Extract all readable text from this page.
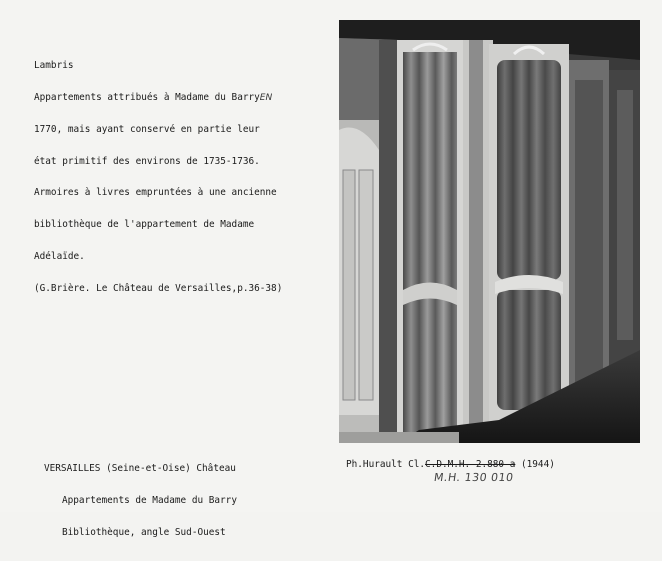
Lambris

Appartements attribués à Madame du BarryEN

1770, mais ayant conservé en partie leur

état primitif des environs de 1735-1736.

Armoires à livres empruntées à une ancienne

bibliothèque de l'appartement de Madame

Adélaïde.

(G.Brière. Le Château de Versailles,p.36-38)

VERSAILLES (Seine-et-Oise) Château

Appartements de Madame du Barry

Bibliothèque, angle Sud-Ouest

Ph.Hurault Cl.C.D.M.H. 2.880 a (1944)
M.H. 130 010
